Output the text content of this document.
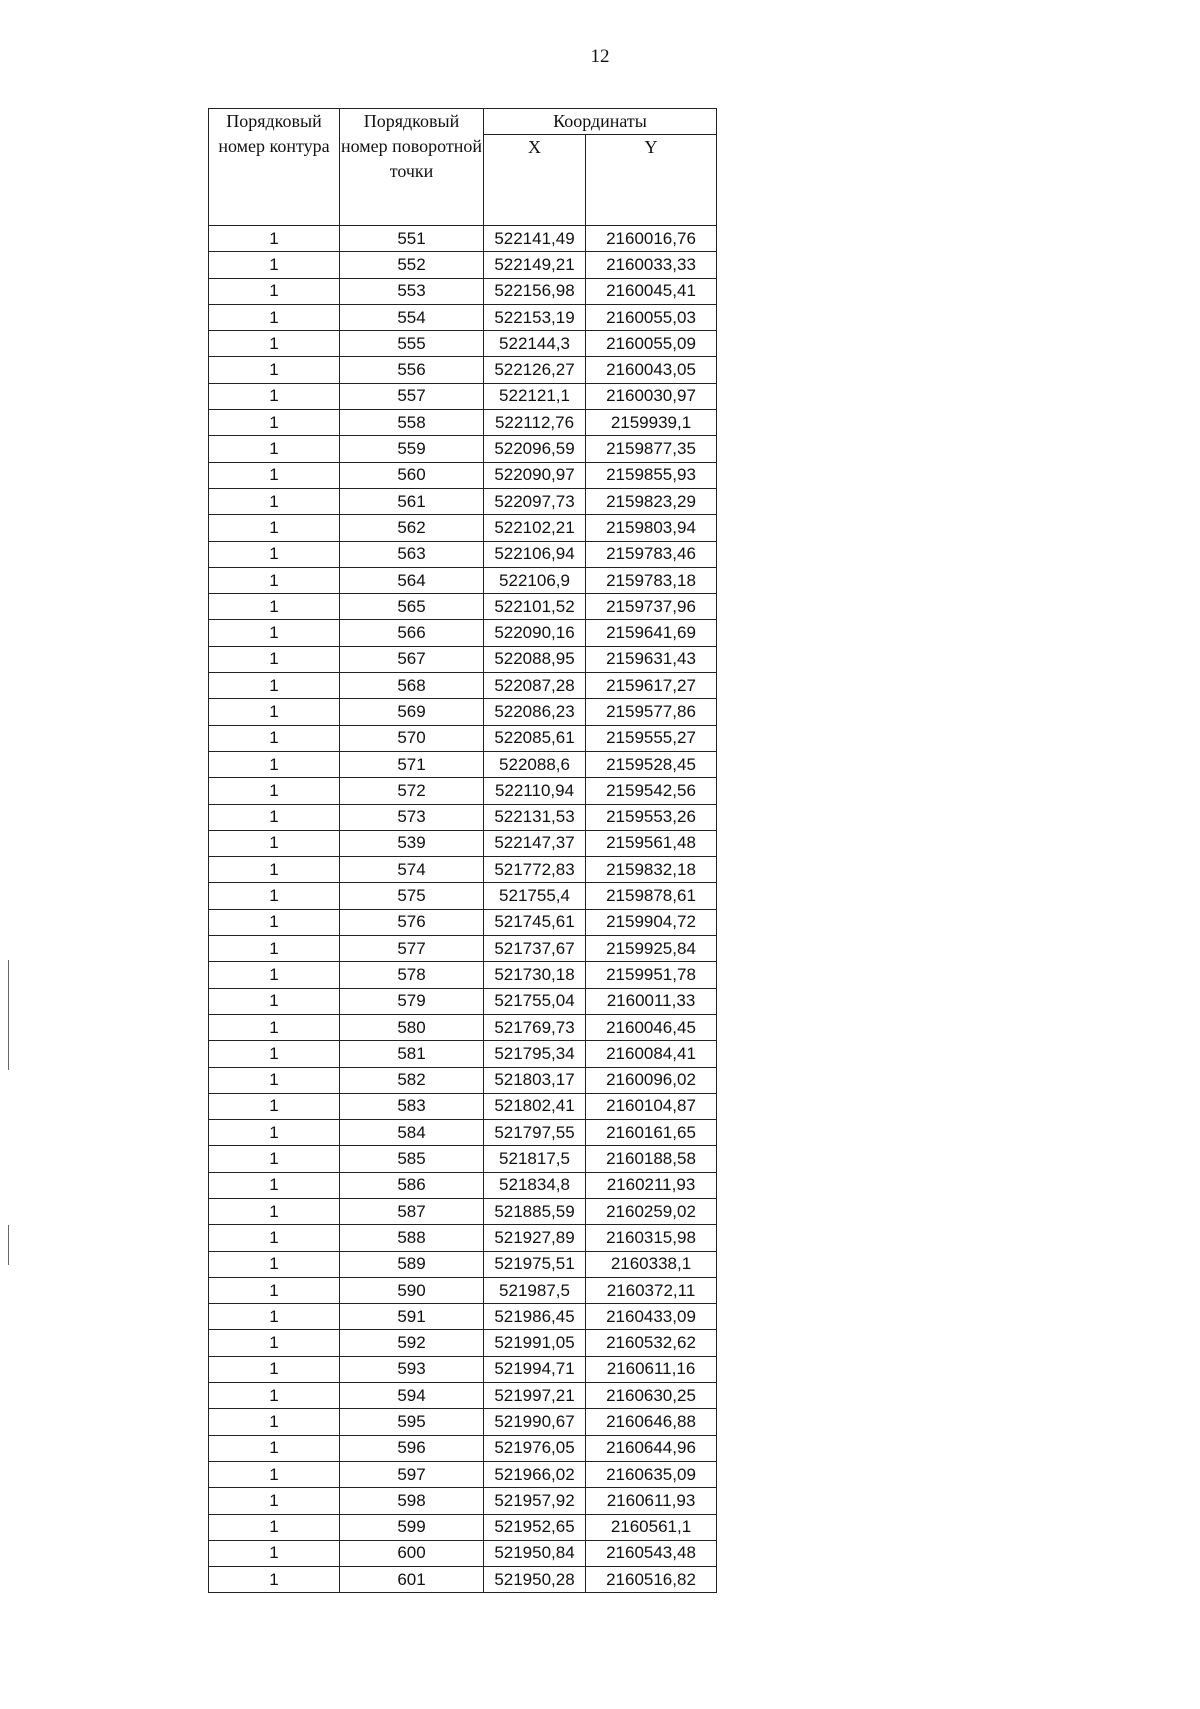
12
Порядковый номер контура	Порядковый номер поворотной точки	Координаты	
		X	Y
1	551	522141,49	2160016,76
1	552	522149,21	2160033,33
1	553	522156,98	2160045,41
1	554	522153,19	2160055,03
1	555	522144,3	2160055,09
1	556	522126,27	2160043,05
1	557	522121,1	2160030,97
1	558	522112,76	2159939,1
1	559	522096,59	2159877,35
1	560	522090,97	2159855,93
1	561	522097,73	2159823,29
1	562	522102,21	2159803,94
1	563	522106,94	2159783,46
1	564	522106,9	2159783,18
1	565	522101,52	2159737,96
1	566	522090,16	2159641,69
1	567	522088,95	2159631,43
1	568	522087,28	2159617,27
1	569	522086,23	2159577,86
1	570	522085,61	2159555,27
1	571	522088,6	2159528,45
1	572	522110,94	2159542,56
1	573	522131,53	2159553,26
1	539	522147,37	2159561,48
1	574	521772,83	2159832,18
1	575	521755,4	2159878,61
1	576	521745,61	2159904,72
1	577	521737,67	2159925,84
1	578	521730,18	2159951,78
1	579	521755,04	2160011,33
1	580	521769,73	2160046,45
1	581	521795,34	2160084,41
1	582	521803,17	2160096,02
1	583	521802,41	2160104,87
1	584	521797,55	2160161,65
1	585	521817,5	2160188,58
1	586	521834,8	2160211,93
1	587	521885,59	2160259,02
1	588	521927,89	2160315,98
1	589	521975,51	2160338,1
1	590	521987,5	2160372,11
1	591	521986,45	2160433,09
1	592	521991,05	2160532,62
1	593	521994,71	2160611,16
1	594	521997,21	2160630,25
1	595	521990,67	2160646,88
1	596	521976,05	2160644,96
1	597	521966,02	2160635,09
1	598	521957,92	2160611,93
1	599	521952,65	2160561,1
1	600	521950,84	2160543,48
1	601	521950,28	2160516,82
